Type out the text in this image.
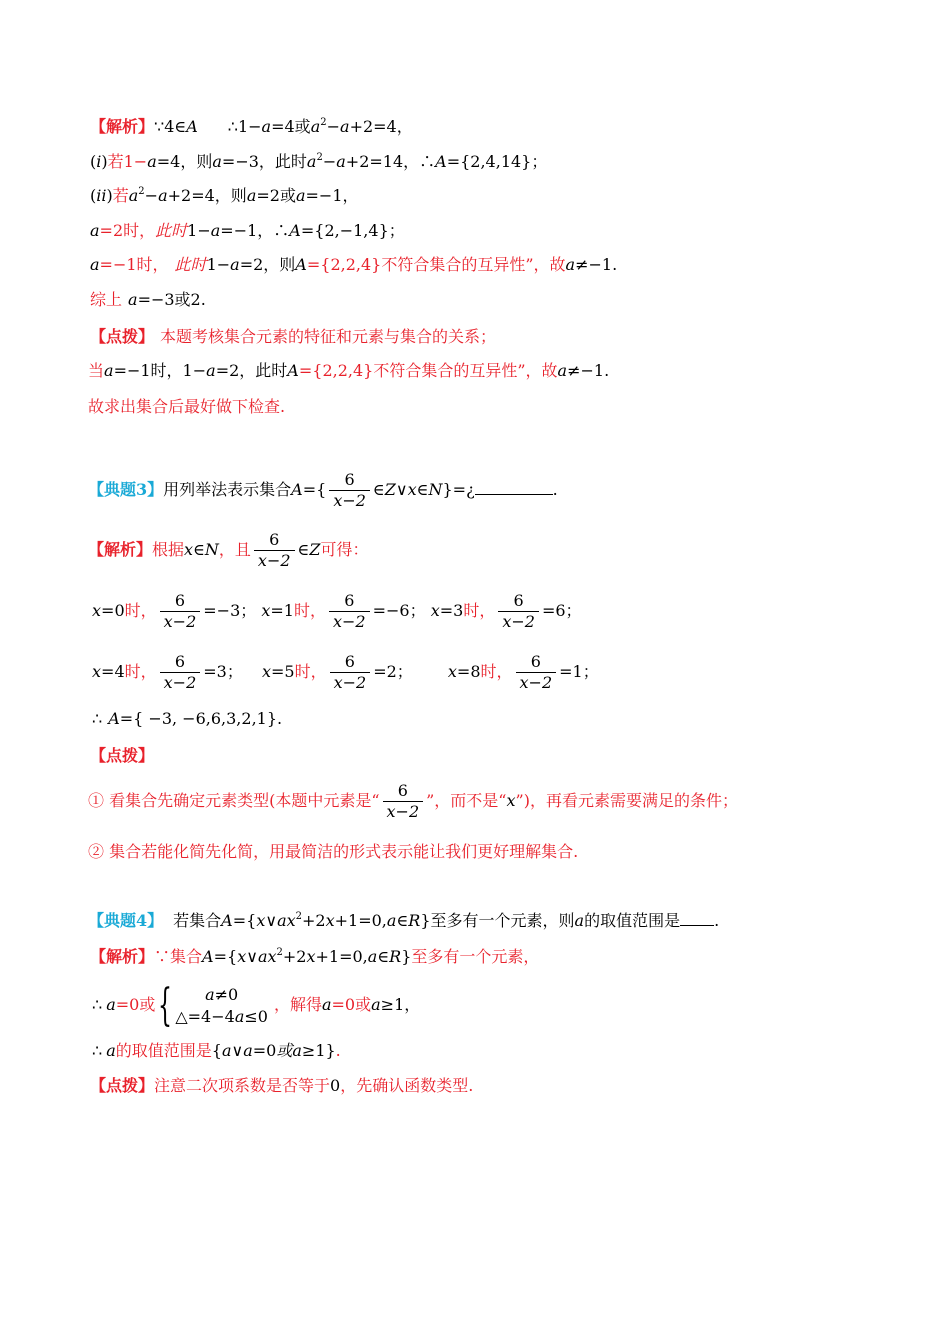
【解析】∵4∈A ∴1−a=4或$a^2-a+2=4$，
(i)若1−a=4，则a=−3，此时$a^2-a+2=14$，∴A={2,4,14}；
(ii)若$a^2-a+2=4$，则a=2或a=−1，
a=2时，此时1−a=−1，∴A={2,−1,4}；
a=−1时， 此时1−a=2，则A={2,2,4}不符合集合的互异性”，故a≠−1.
综上 a=−3或2.
【点拨】 本题考核集合元素的特征和元素与集合的关系；
当a=−1时，1−a=2，此时A={2,2,4}不符合集合的互异性”，故a≠−1.
故求出集合后最好做下检查.
【典题3】用列举法表示集合$A=\{ \frac{6}{x-2}$ ∈Z∨x∈N}=¿	.
【解析】根据x∈N，且 $\frac{6}{x-2}$ ∈Z可得：
x=0时， $\frac{6}{x-2} =-3$； x=1时， $\frac{6}{x-2} =-6$； x=3时， $\frac{6}{x-2} =6$；
x=4时， $\frac{6}{x-2} =3$； x=5时， $\frac{6}{x-2} =2$； x=8时， $\frac{6}{x-2} =1$；
∴ A={ −3, −6,6,3,2,1}.
【点拨】
① 看集合先确定元素类型(本题中元素是“ $\frac{6}{x-2}$ ”，而不是“x”)，再看元素需要满足的条件；
② 集合若能化简先化简，用最简洁的形式表示能让我们更好理解集合.
【典题4】 若集合$A=\{x\vee ax^2+2x+1=0,a\in R\}$至多有一个元素，则a的取值范围是 .
【解析】∵集合$A=\{x\vee ax^2+2x+1=0,a\in R\}$至多有一个元素，
∴ a=0或 {	a≠0
△=4−4a≤0
，解得a=0或a≥1，
∴ a的取值范围是{a∨a=0或a≥1}.
【点拨】注意二次项系数是否等于0，先确认函数类型.
